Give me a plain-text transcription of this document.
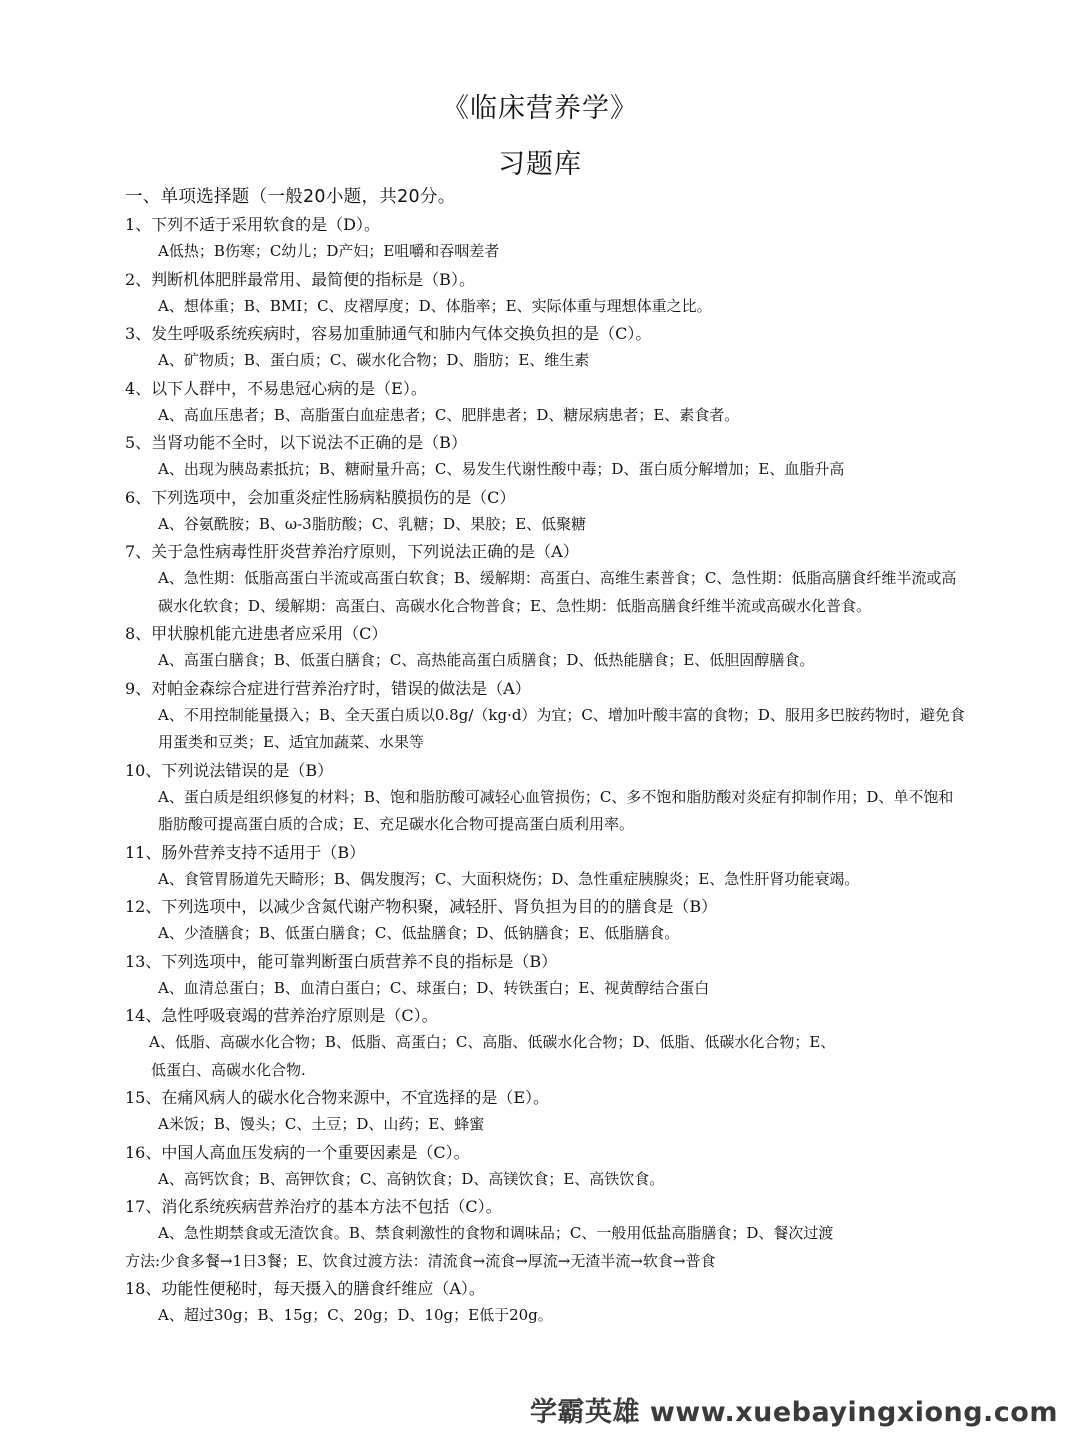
《临床营养学》
习题库
一、单项选择题（一般20小题，共20分。
1、下列不适于采用软食的是（D）。
A低热；B伤寒；C幼儿；D产妇；E咀嚼和吞咽差者
2、判断机体肥胖最常用、最简便的指标是（B）。
A、想体重；B、BMI；C、皮褶厚度；D、体脂率；E、实际体重与理想体重之比。
3、发生呼吸系统疾病时，容易加重肺通气和肺内气体交换负担的是（C）。
A、矿物质；B、蛋白质；C、碳水化合物；D、脂肪；E、维生素
4、以下人群中，不易患冠心病的是（E）。
A、高血压患者；B、高脂蛋白血症患者；C、肥胖患者；D、糖尿病患者；E、素食者。
5、当肾功能不全时，以下说法不正确的是（B）
A、出现为胰岛素抵抗；B、糖耐量升高；C、易发生代谢性酸中毒；D、蛋白质分解增加；E、血脂升高
6、下列选项中，会加重炎症性肠病粘膜损伤的是（C）
A、谷氨酰胺；B、ω-3脂肪酸；C、乳糖；D、果胶；E、低聚糖
7、关于急性病毒性肝炎营养治疗原则，下列说法正确的是（A）
A、急性期：低脂高蛋白半流或高蛋白软食；B、缓解期：高蛋白、高维生素普食；C、急性期：低脂高膳食纤维半流或高碳水化软食；D、缓解期：高蛋白、高碳水化合物普食；E、急性期：低脂高膳食纤维半流或高碳水化普食。
8、甲状腺机能亢进患者应采用（C）
A、高蛋白膳食；B、低蛋白膳食；C、高热能高蛋白质膳食；D、低热能膳食；E、低胆固醇膳食。
9、对帕金森综合症进行营养治疗时，错误的做法是（A）
A、不用控制能量摄入；B、全天蛋白质以0.8g/（kg·d）为宜；C、增加叶酸丰富的食物；D、服用多巴胺药物时，避免食用蛋类和豆类；E、适宜加蔬菜、水果等
10、下列说法错误的是（B）
A、蛋白质是组织修复的材料；B、饱和脂肪酸可减轻心血管损伤；C、多不饱和脂肪酸对炎症有抑制作用；D、单不饱和脂肪酸可提高蛋白质的合成；E、充足碳水化合物可提高蛋白质利用率。
11、肠外营养支持不适用于（B）
A、食管胃肠道先天畸形；B、偶发腹泻；C、大面积烧伤；D、急性重症胰腺炎；E、急性肝肾功能衰竭。
12、下列选项中，以减少含氮代谢产物积聚，减轻肝、肾负担为目的的膳食是（B）
A、少渣膳食；B、低蛋白膳食；C、低盐膳食；D、低钠膳食；E、低脂膳食。
13、下列选项中，能可靠判断蛋白质营养不良的指标是（B）
A、血清总蛋白；B、血清白蛋白；C、球蛋白；D、转铁蛋白；E、视黄醇结合蛋白
14、急性呼吸衰竭的营养治疗原则是（C）。
A、低脂、高碳水化合物；B、低脂、高蛋白；C、高脂、低碳水化合物；D、低脂、低碳水化合物；E、
低蛋白、高碳水化合物.
15、在痛风病人的碳水化合物来源中，不宜选择的是（E）。
A米饭；B、馒头；C、土豆；D、山药；E、蜂蜜
16、中国人高血压发病的一个重要因素是（C）。
A、高钙饮食；B、高钾饮食；C、高钠饮食；D、高镁饮食；E、高铁饮食。
17、消化系统疾病营养治疗的基本方法不包括（C）。
A、急性期禁食或无渣饮食。B、禁食刺激性的食物和调味品；C、一般用低盐高脂膳食；D、餐次过渡
方法:少食多餐→1日3餐；E、饮食过渡方法：清流食→流食→厚流→无渣半流→软食→普食
18、功能性便秘时，每天摄入的膳食纤维应（A）。
A、超过30g；B、15g；C、20g；D、10g；E低于20g。
学霸英雄 www.xuebayingxiong.com
